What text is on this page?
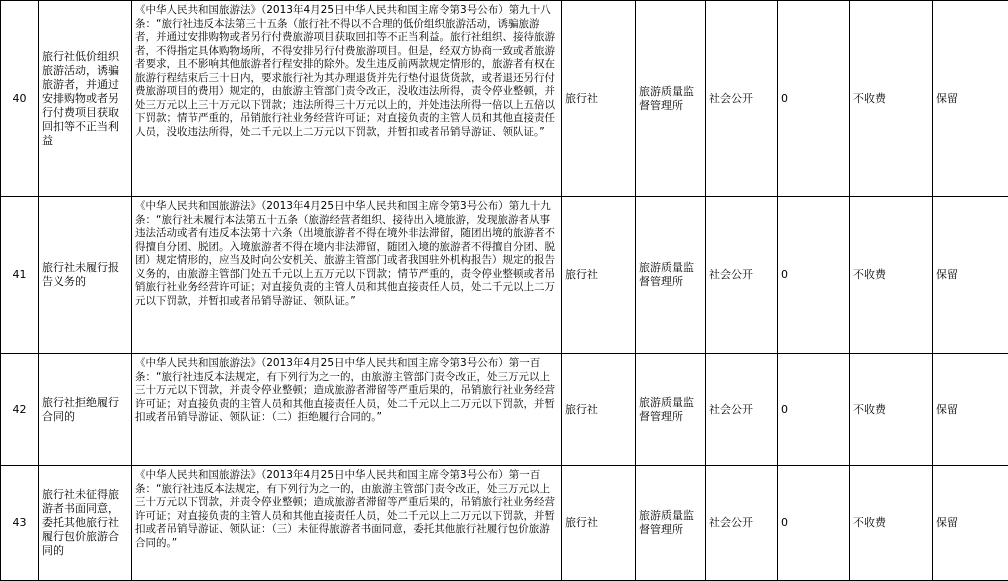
40	旅行社低价组织旅游活动，诱骗旅游者，并通过安排购物或者另行付费项目获取回扣等不正当利益	《中华人民共和国旅游法》（2013年4月25日中华人民共和国主席令第3号公布）第九十八条：“旅行社违反本法第三十五条（旅行社不得以不合理的低价组织旅游活动，诱骗旅游者，并通过安排购物或者另行付费旅游项目获取回扣等不正当利益。旅行社组织、接待旅游者，不得指定具体购物场所，不得安排另行付费旅游项目。但是，经双方协商一致或者旅游者要求，且不影响其他旅游者行程安排的除外。发生违反前两款规定情形的，旅游者有权在旅游行程结束后三十日内，要求旅行社为其办理退货并先行垫付退货货款，或者退还另行付费旅游项目的费用）规定的，由旅游主管部门责令改正，没收违法所得，责令停业整顿，并处三万元以上三十万元以下罚款；违法所得三十万元以上的，并处违法所得一倍以上五倍以下罚款；情节严重的，吊销旅行社业务经营许可证；对直接负责的主管人员和其他直接责任人员，没收违法所得，处二千元以上二万元以下罚款，并暂扣或者吊销导游证、领队证。”	旅行社	旅游质量监督管理所	社会公开	0	不收费	保留
41	旅行社未履行报告义务的	《中华人民共和国旅游法》（2013年4月25日中华人民共和国主席令第3号公布）第九十九条：“旅行社未履行本法第五十五条（旅游经营者组织、接待出入境旅游，发现旅游者从事违法活动或者有违反本法第十六条（出境旅游者不得在境外非法滞留，随团出境的旅游者不得擅自分团、脱团。入境旅游者不得在境内非法滞留，随团入境的旅游者不得擅自分团、脱团）规定情形的，应当及时向公安机关、旅游主管部门或者我国驻外机构报告）规定的报告义务的，由旅游主管部门处五千元以上五万元以下罚款；情节严重的，责令停业整顿或者吊销旅行社业务经营许可证；对直接负责的主管人员和其他直接责任人员，处二千元以上二万元以下罚款，并暂扣或者吊销导游证、领队证。”	旅行社	旅游质量监督管理所	社会公开	0	不收费	保留
42	旅行社拒绝履行合同的	《中华人民共和国旅游法》（2013年4月25日中华人民共和国主席令第3号公布）第一百条：“旅行社违反本法规定，有下列行为之一的，由旅游主管部门责令改正，处三万元以上三十万元以下罚款，并责令停业整顿；造成旅游者滞留等严重后果的，吊销旅行社业务经营许可证；对直接负责的主管人员和其他直接责任人员，处二千元以上二万元以下罚款，并暂扣或者吊销导游证、领队证：（二）拒绝履行合同的。”	旅行社	旅游质量监督管理所	社会公开	0	不收费	保留
43	旅行社未征得旅游者书面同意，委托其他旅行社履行包价旅游合同的	《中华人民共和国旅游法》（2013年4月25日中华人民共和国主席令第3号公布）第一百条：“旅行社违反本法规定，有下列行为之一的，由旅游主管部门责令改正，处三万元以上三十万元以下罚款，并责令停业整顿；造成旅游者滞留等严重后果的，吊销旅行社业务经营许可证；对直接负责的主管人员和其他直接责任人员，处二千元以上二万元以下罚款，并暂扣或者吊销导游证、领队证：（三）未征得旅游者书面同意，委托其他旅行社履行包价旅游合同的。”	旅行社	旅游质量监督管理所	社会公开	0	不收费	保留
